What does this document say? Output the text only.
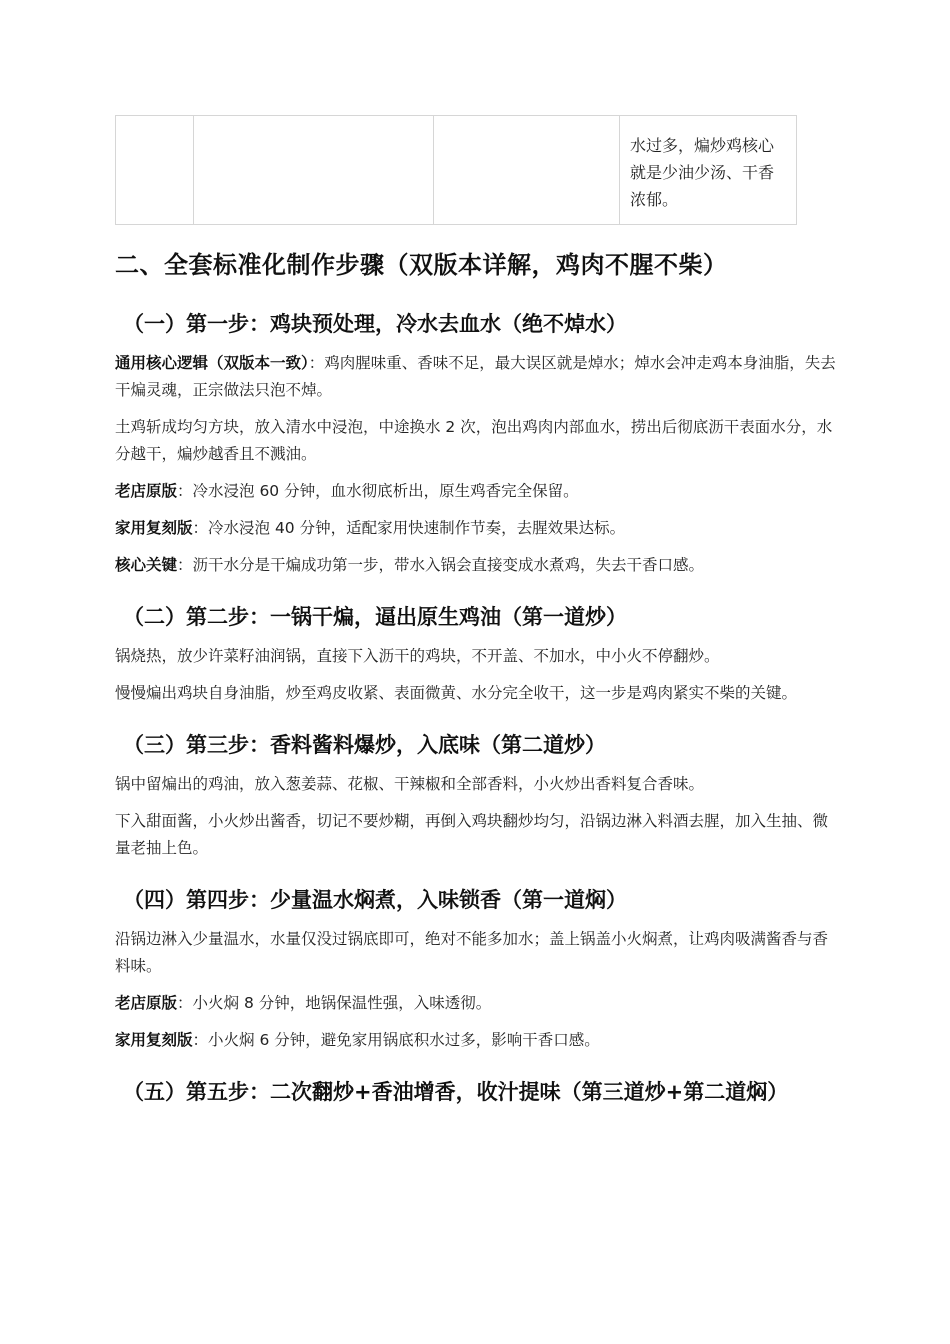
水过多，煸炒鸡核心就是少油少汤、干香浓郁。
二、全套标准化制作步骤（双版本详解，鸡肉不腥不柴）
（一）第一步：鸡块预处理，冷水去血水（绝不焯水）

通用核心逻辑（双版本一致）：鸡肉腥味重、香味不足，最大误区就是焯水；焯水会冲走鸡本身油脂，失去干煸灵魂，正宗做法只泡不焯。

土鸡斩成均匀方块，放入清水中浸泡，中途换水 2 次，泡出鸡肉内部血水，捞出后彻底沥干表面水分，水分越干，煸炒越香且不溅油。

老店原版：冷水浸泡 60 分钟，血水彻底析出，原生鸡香完全保留。

家用复刻版：冷水浸泡 40 分钟，适配家用快速制作节奏，去腥效果达标。

核心关键：沥干水分是干煸成功第一步，带水入锅会直接变成水煮鸡，失去干香口感。

（二）第二步：一锅干煸，逼出原生鸡油（第一道炒）

锅烧热，放少许菜籽油润锅，直接下入沥干的鸡块，不开盖、不加水，中小火不停翻炒。

慢慢煸出鸡块自身油脂，炒至鸡皮收紧、表面微黄、水分完全收干，这一步是鸡肉紧实不柴的关键。

（三）第三步：香料酱料爆炒，入底味（第二道炒）

锅中留煸出的鸡油，放入葱姜蒜、花椒、干辣椒和全部香料，小火炒出香料复合香味。

下入甜面酱，小火炒出酱香，切记不要炒糊，再倒入鸡块翻炒均匀，沿锅边淋入料酒去腥，加入生抽、微量老抽上色。

（四）第四步：少量温水焖煮，入味锁香（第一道焖）

沿锅边淋入少量温水，水量仅没过锅底即可，绝对不能多加水；盖上锅盖小火焖煮，让鸡肉吸满酱香与香料味。

老店原版：小火焖 8 分钟，地锅保温性强，入味透彻。

家用复刻版：小火焖 6 分钟，避免家用锅底积水过多，影响干香口感。

（五）第五步：二次翻炒+香油增香，收汁提味（第三道炒+第二道焖）
